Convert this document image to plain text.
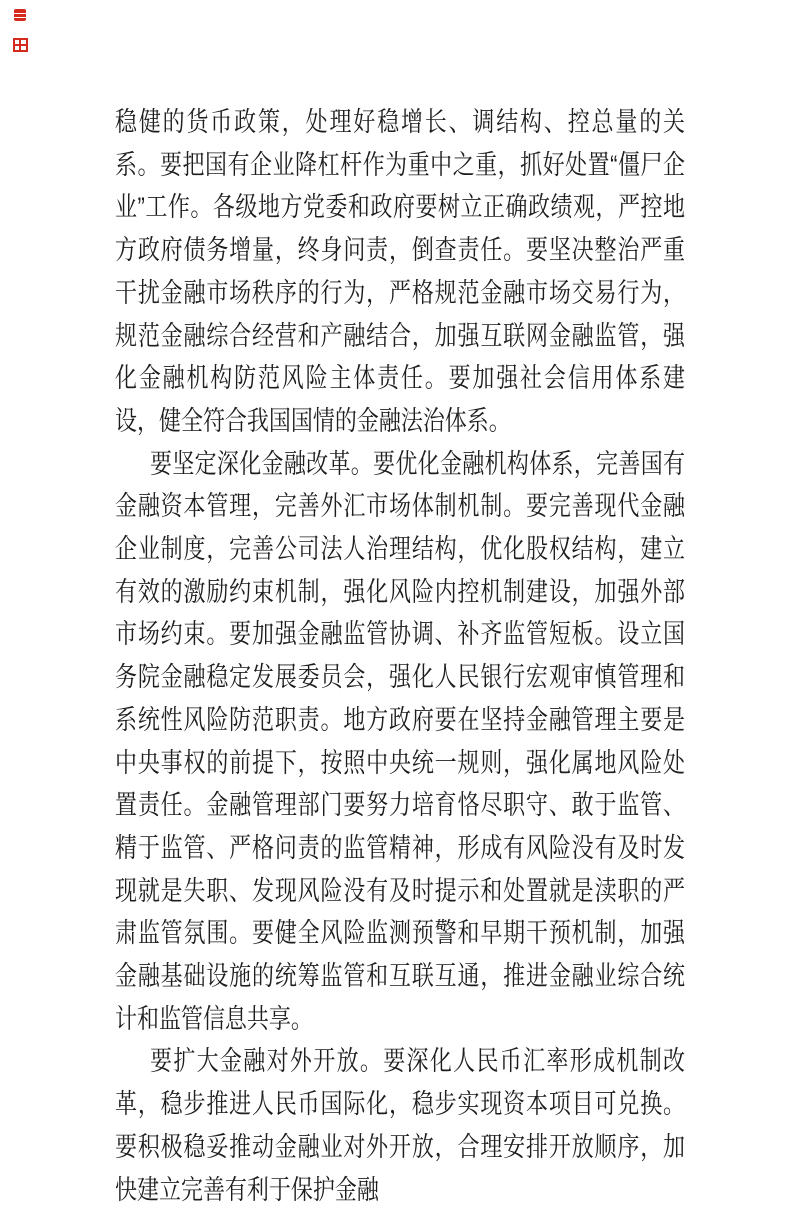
稳健的货币政策，处理好稳增长、调结构、控总量的关系。要把国有企业降杠杆作为重中之重，抓好处置“僵尸企业”工作。各级地方党委和政府要树立正确政绩观，严控地方政府债务增量，终身问责，倒查责任。要坚决整治严重干扰金融市场秩序的行为，严格规范金融市场交易行为，规范金融综合经营和产融结合，加强互联网金融监管，强化金融机构防范风险主体责任。要加强社会信用体系建设，健全符合我国国情的金融法治体系。

要坚定深化金融改革。要优化金融机构体系，完善国有金融资本管理，完善外汇市场体制机制。要完善现代金融企业制度，完善公司法人治理结构，优化股权结构，建立有效的激励约束机制，强化风险内控机制建设，加强外部市场约束。要加强金融监管协调、补齐监管短板。设立国务院金融稳定发展委员会，强化人民银行宏观审慎管理和系统性风险防范职责。地方政府要在坚持金融管理主要是中央事权的前提下，按照中央统一规则，强化属地风险处置责任。金融管理部门要努力培育恪尽职守、敢于监管、精于监管、严格问责的监管精神，形成有风险没有及时发现就是失职、发现风险没有及时提示和处置就是渎职的严肃监管氛围。要健全风险监测预警和早期干预机制，加强金融基础设施的统筹监管和互联互通，推进金融业综合统计和监管信息共享。

要扩大金融对外开放。要深化人民币汇率形成机制改革，稳步推进人民币国际化，稳步实现资本项目可兑换。要积极稳妥推动金融业对外开放，合理安排开放顺序，加快建立完善有利于保护金融
